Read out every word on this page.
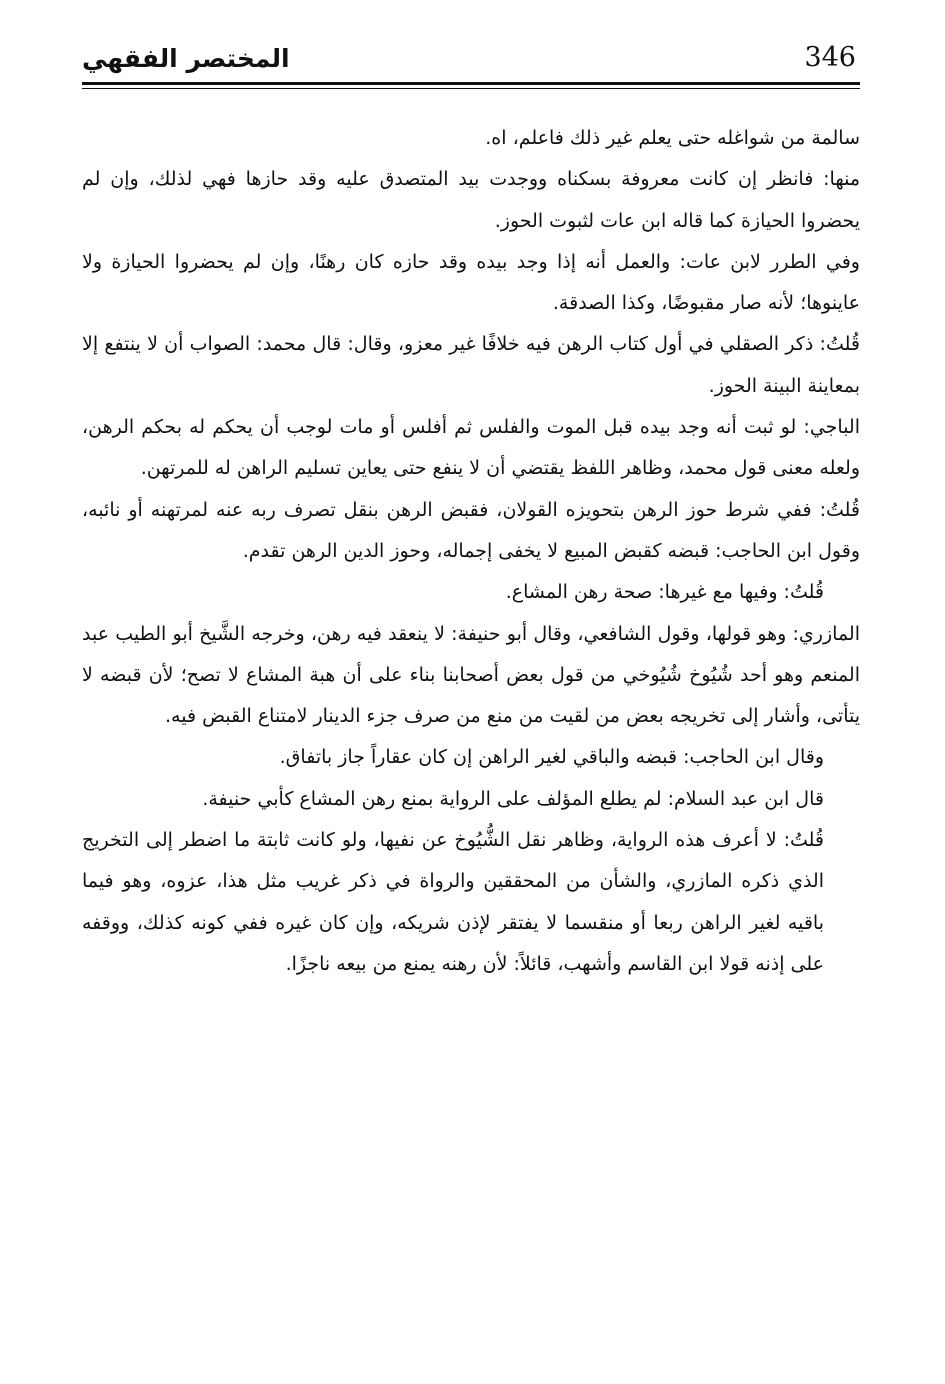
346
المختصر الفقهي

سالمة من شواغله حتى يعلم غير ذلك فاعلم، اه.

منها: فانظر إن كانت معروفة بسكناه ووجدت بيد المتصدق عليه وقد حازها فهي لذلك، وإن لم يحضروا الحيازة كما قاله ابن عات لثبوت الحوز.

وفي الطرر لابن عات: والعمل أنه إذا وجد بيده وقد حازه كان رهنًا، وإن لم يحضروا الحيازة ولا عاينوها؛ لأنه صار مقبوضًا، وكذا الصدقة.

قُلتُ: ذكر الصقلي في أول كتاب الرهن فيه خلافًا غير معزو، وقال: قال محمد: الصواب أن لا ينتفع إلا بمعاينة البينة الحوز.

الباجي: لو ثبت أنه وجد بيده قبل الموت والفلس ثم أفلس أو مات لوجب أن يحكم له بحكم الرهن، ولعله معنى قول محمد، وظاهر اللفظ يقتضي أن لا ينفع حتى يعاين تسليم الراهن له للمرتهن.

قُلتُ: ففي شرط حوز الرهن بتحويزه القولان، فقبض الرهن بنقل تصرف ربه عنه لمرتهنه أو نائبه، وقول ابن الحاجب: قبضه كقبض المبيع لا يخفى إجماله، وحوز الدين الرهن تقدم.

قُلتُ: وفيها مع غيرها: صحة رهن المشاع.

المازري: وهو قولها، وقول الشافعي، وقال أبو حنيفة: لا ينعقد فيه رهن، وخرجه الشَّيخ أبو الطيب عبد المنعم وهو أحد شُيُوخ شُيُوخي من قول بعض أصحابنا بناء على أن هبة المشاع لا تصح؛ لأن قبضه لا يتأتى، وأشار إلى تخريجه بعض من لقيت من منع من صرف جزء الدينار لامتناع القبض فيه.

وقال ابن الحاجب: قبضه والباقي لغير الراهن إن كان عقاراً جاز باتفاق.

قال ابن عبد السلام: لم يطلع المؤلف على الرواية بمنع رهن المشاع كأبي حنيفة.

قُلتُ: لا أعرف هذه الرواية، وظاهر نقل الشُّيُوخ عن نفيها، ولو كانت ثابتة ما اضطر إلى التخريج الذي ذكره المازري، والشأن من المحققين والرواة في ذكر غريب مثل هذا، عزوه، وهو فيما باقيه لغير الراهن ربعا أو منقسما لا يفتقر لإذن شريكه، وإن كان غيره ففي كونه كذلك، ووقفه على إذنه قولا ابن القاسم وأشهب، قائلاً: لأن رهنه يمنع من بيعه ناجزًا.
